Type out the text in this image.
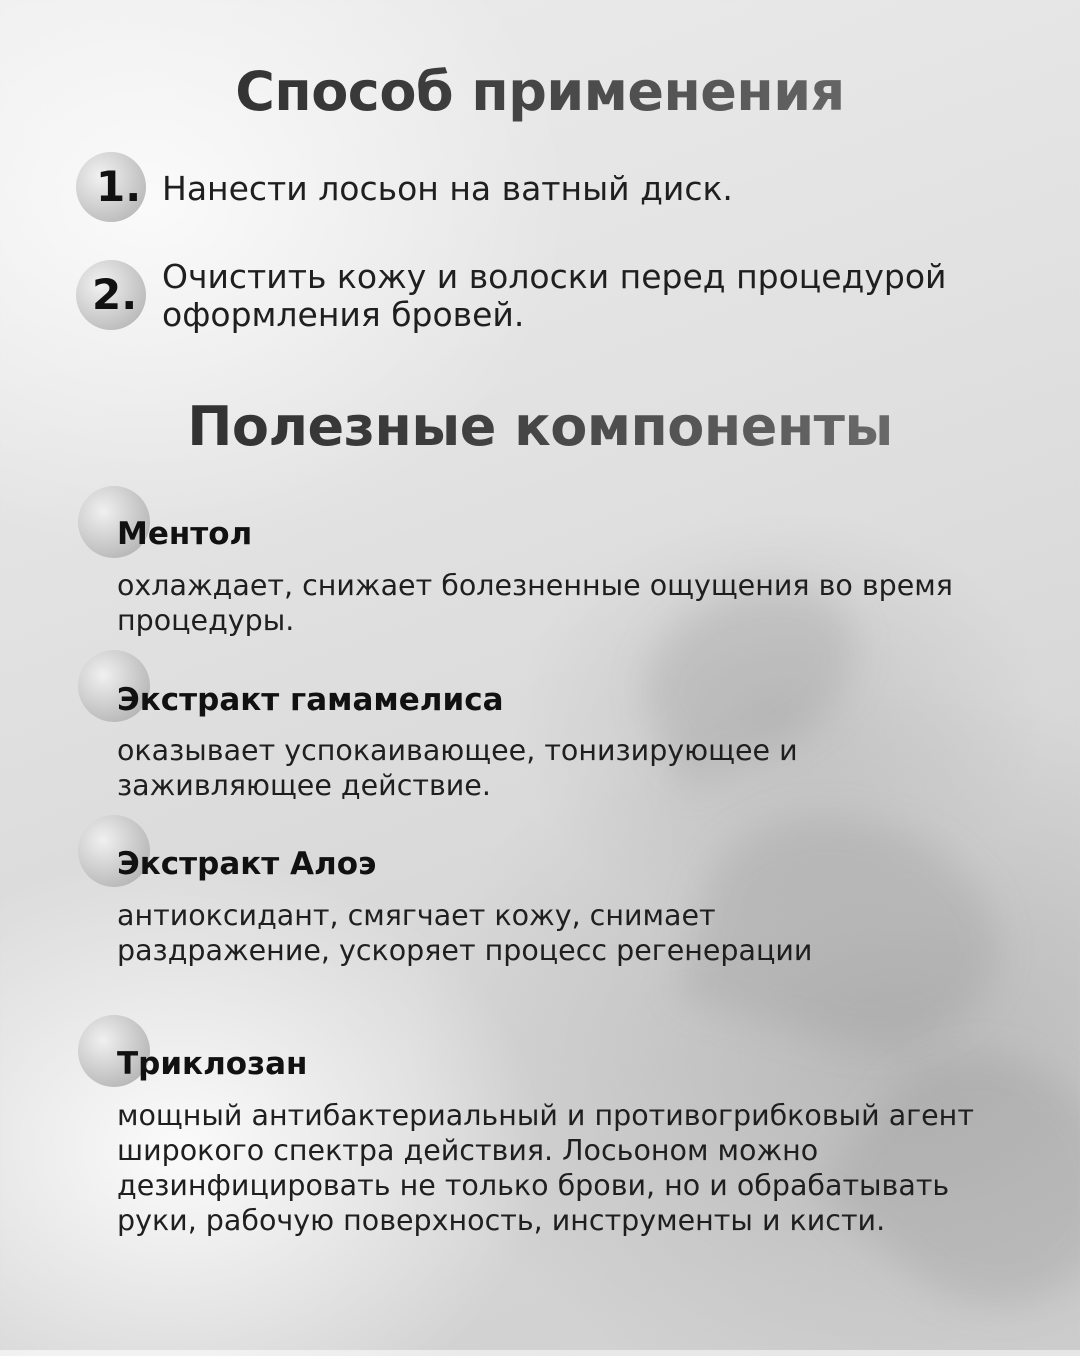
Способ применения
1. Нанести лосьон на ватный диск.
2. Очистить кожу и волоски перед процедурой оформления бровей.
Полезные компоненты
Ментол
охлаждает, снижает болезненные ощущения во время процедуры.
Экстракт гамамелиса
оказывает успокаивающее, тонизирующее и заживляющее действие.
Экстракт Алоэ
антиоксидант, смягчает кожу, снимает раздражение, ускоряет процесс регенерации
Триклозан
мощный антибактериальный и противогрибковый агент широкого спектра действия. Лосьоном можно дезинфицировать не только брови, но и обрабатывать руки, рабочую поверхность, инструменты и кисти.
